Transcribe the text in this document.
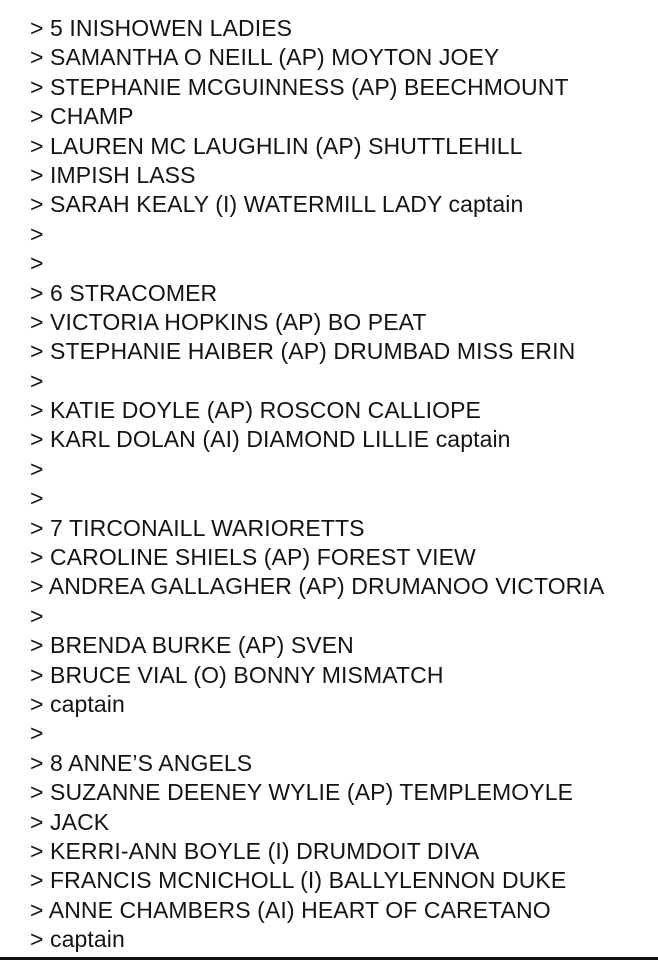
> 5 INISHOWEN LADIES
> SAMANTHA O NEILL (AP) MOYTON JOEY
> STEPHANIE MCGUINNESS (AP) BEECHMOUNT
> CHAMP
> LAUREN MC LAUGHLIN (AP) SHUTTLEHILL
> IMPISH LASS
> SARAH KEALY (I) WATERMILL LADY captain
>
>
> 6 STRACOMER
> VICTORIA HOPKINS (AP) BO PEAT
> STEPHANIE HAIBER (AP) DRUMBAD MISS ERIN
>
> KATIE DOYLE (AP) ROSCON CALLIOPE
> KARL DOLAN (AI) DIAMOND LILLIE captain
>
>
> 7 TIRCONAILL WARIORETTS
> CAROLINE SHIELS (AP) FOREST VIEW
> ANDREA GALLAGHER (AP) DRUMANOO VICTORIA
>
> BRENDA BURKE (AP) SVEN
> BRUCE VIAL (O) BONNY MISMATCH
> captain
>
> 8 ANNE’S ANGELS
> SUZANNE DEENEY WYLIE (AP) TEMPLEMOYLE
> JACK
> KERRI-ANN BOYLE (I) DRUMDOIT DIVA
> FRANCIS MCNICHOLL (I) BALLYLENNON DUKE
> ANNE CHAMBERS (AI) HEART OF CARETANO
> captain
